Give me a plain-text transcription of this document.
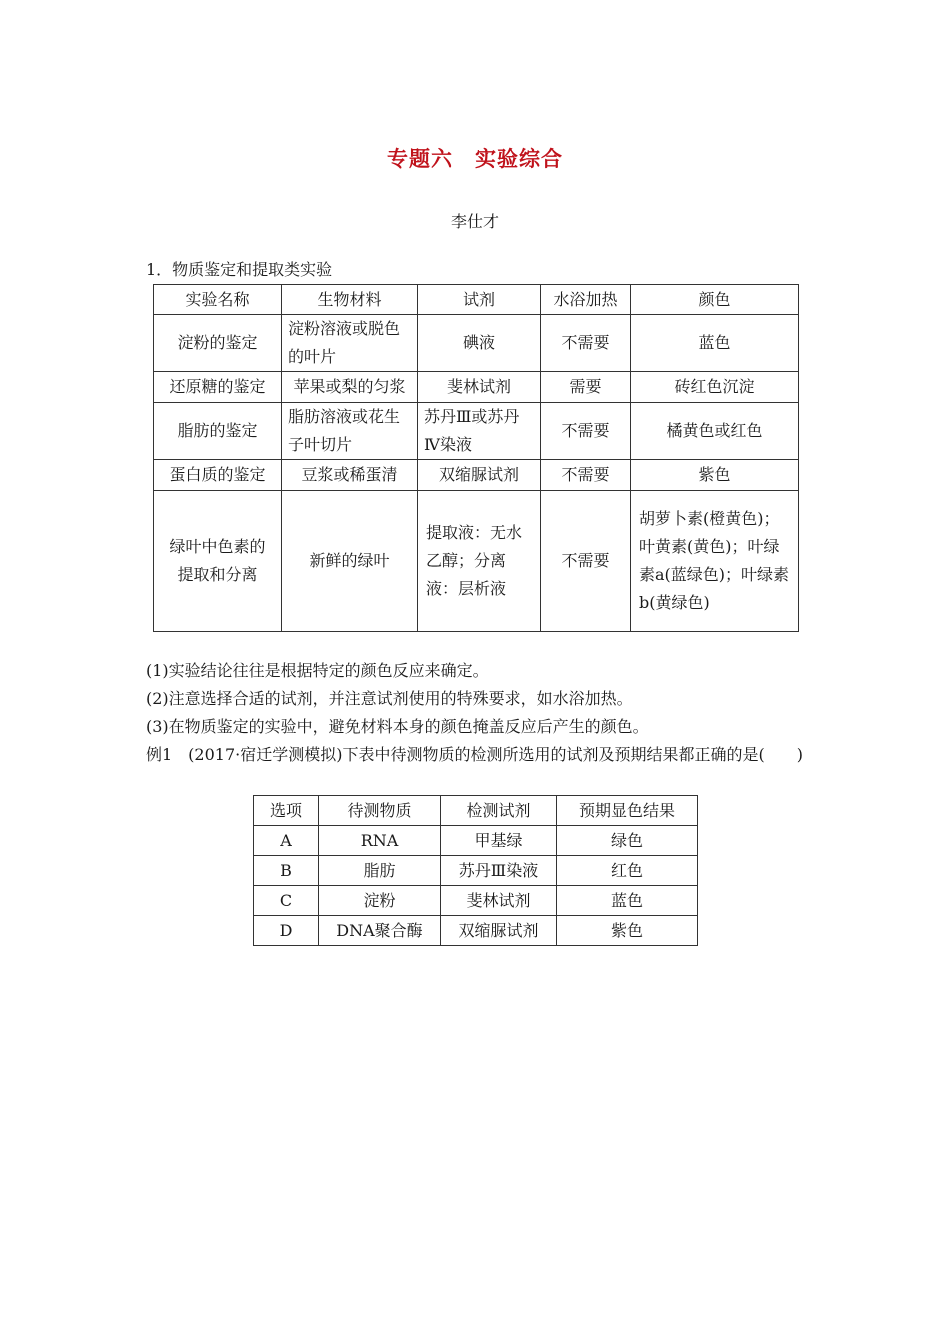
专题六　实验综合
李仕才
1．物质鉴定和提取类实验
实验名称	生物材料	试剂	水浴加热	颜色
淀粉的鉴定	淀粉溶液或脱色的叶片	碘液	不需要	蓝色
还原糖的鉴定	苹果或梨的匀浆	斐林试剂	需要	砖红色沉淀
脂肪的鉴定	脂肪溶液或花生子叶切片	苏丹Ⅲ或苏丹Ⅳ染液	不需要	橘黄色或红色
蛋白质的鉴定	豆浆或稀蛋清	双缩脲试剂	不需要	紫色
绿叶中色素的提取和分离	新鲜的绿叶	提取液：无水乙醇；分离液：层析液	不需要	胡萝卜素(橙黄色)；叶黄素(黄色)；叶绿素a(蓝绿色)；叶绿素b(黄绿色)
(1)实验结论往往是根据特定的颜色反应来确定。
(2)注意选择合适的试剂，并注意试剂使用的特殊要求，如水浴加热。
(3)在物质鉴定的实验中，避免材料本身的颜色掩盖反应后产生的颜色。
例1　(2017·宿迁学测模拟)下表中待测物质的检测所选用的试剂及预期结果都正确的是(　　)
选项	待测物质	检测试剂	预期显色结果
A	RNA	甲基绿	绿色
B	脂肪	苏丹Ⅲ染液	红色
C	淀粉	斐林试剂	蓝色
D	DNA聚合酶	双缩脲试剂	紫色
